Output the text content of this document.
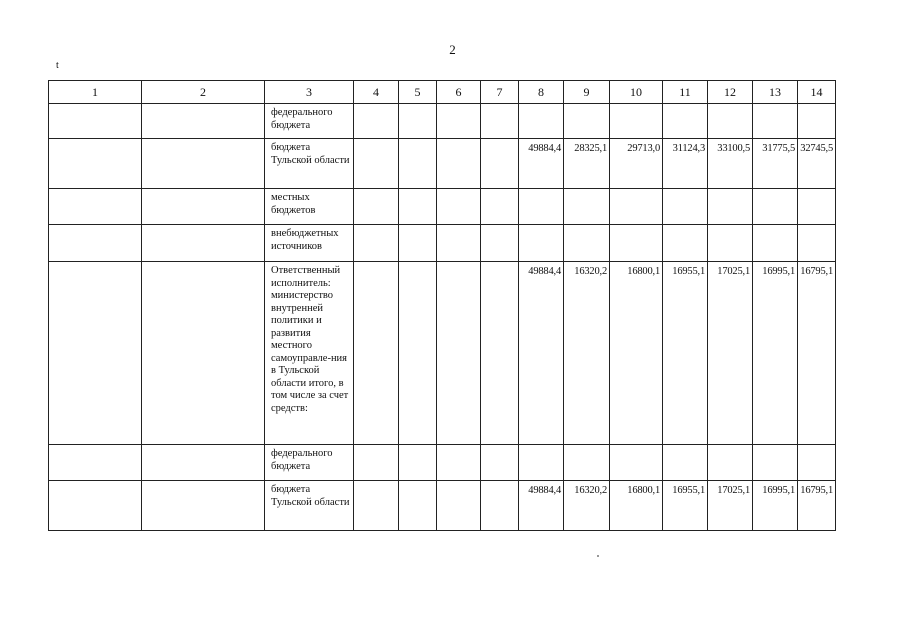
2
t
1	2	3	4	5	6	7	8	9	10	11	12	13	14
		федерального бюджета											
		бюджета Тульской области					49884,4	28325,1	29713,0	31124,3	33100,5	31775,5	32745,5
		местных бюджетов											
		внебюджетных источников											
		Ответственный исполнитель: министерство внутренней политики и развития местного самоуправле-ния в Тульской области итого, в том числе за счет средств:					49884,4	16320,2	16800,1	16955,1	17025,1	16995,1	16795,1
		федерального бюджета											
		бюджета Тульской области					49884,4	16320,2	16800,1	16955,1	17025,1	16995,1	16795,1
